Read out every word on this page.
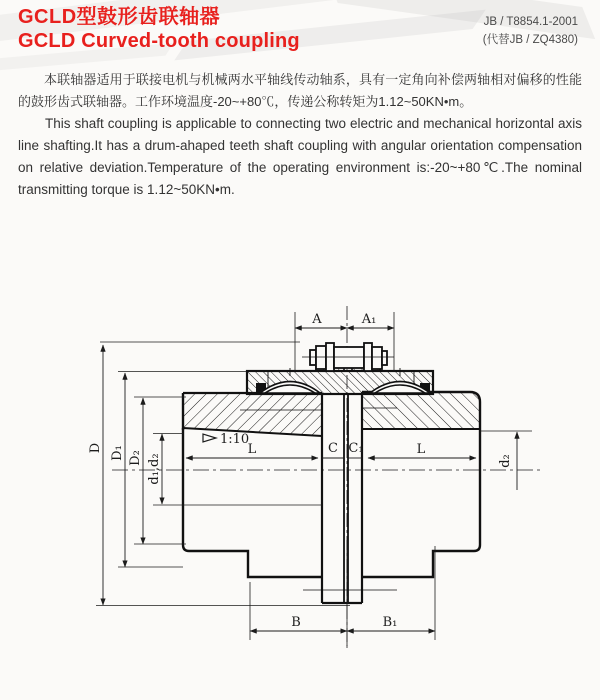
GCLD型鼓形齿联轴器
GCLD Curved-tooth coupling
JB / T8854.1-2001
(代替JB / ZQ4380)

本联轴器适用于联接电机与机械两水平轴线传动轴系，具有一定角向补偿两轴相对偏移的性能的鼓形齿式联轴器。工作环境温度-20~+80℃，传递公称转矩为1.12~50KN•m。

This shaft coupling is applicable to connecting two electric and mechanical horizontal axis line shafting.It has a drum-ahaped teeth shaft coupling with angular orientation compensation on relative deviation.Temperature of the operating environment is:-20~+80℃.The nominal transmitting torque is 1.12~50KN•m.

1:10
A	A₁
D D₁ D₂ d₁,d₂	d₂
L	C C₁	L
B	B₁
